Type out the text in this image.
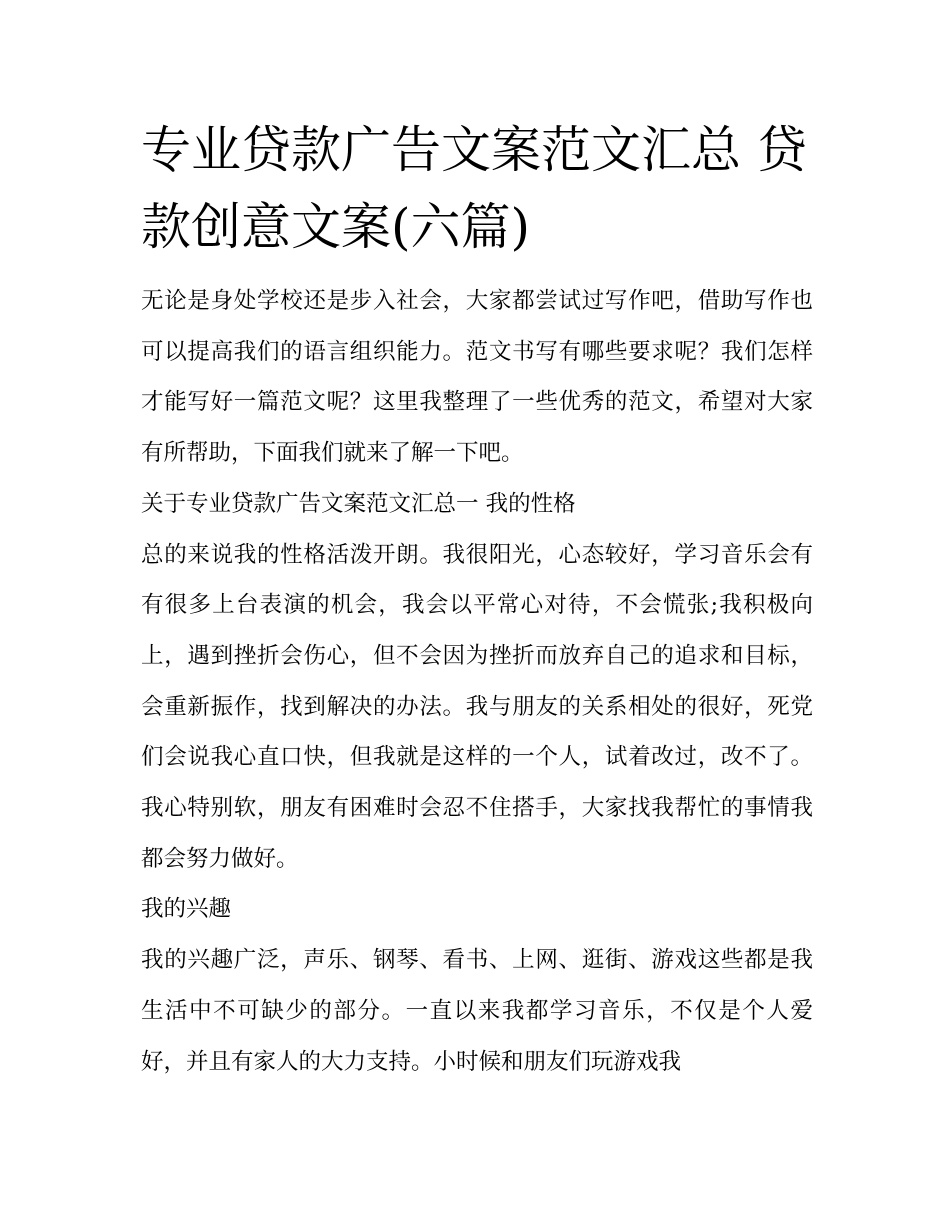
专业贷款广告文案范文汇总 贷款创意文案(六篇)

无论是身处学校还是步入社会，大家都尝试过写作吧，借助写作也可以提高我们的语言组织能力。范文书写有哪些要求呢？我们怎样才能写好一篇范文呢？这里我整理了一些优秀的范文，希望对大家有所帮助，下面我们就来了解一下吧。

关于专业贷款广告文案范文汇总一 我的性格

总的来说我的性格活泼开朗。我很阳光，心态较好，学习音乐会有有很多上台表演的机会，我会以平常心对待，不会慌张;我积极向上，遇到挫折会伤心，但不会因为挫折而放弃自己的追求和目标，会重新振作，找到解决的办法。我与朋友的关系相处的很好，死党们会说我心直口快，但我就是这样的一个人，试着改过，改不了。我心特别软，朋友有困难时会忍不住搭手，大家找我帮忙的事情我都会努力做好。

我的兴趣

我的兴趣广泛，声乐、钢琴、看书、上网、逛街、游戏这些都是我生活中不可缺少的部分。一直以来我都学习音乐，不仅是个人爱好，并且有家人的大力支持。小时候和朋友们玩游戏我
